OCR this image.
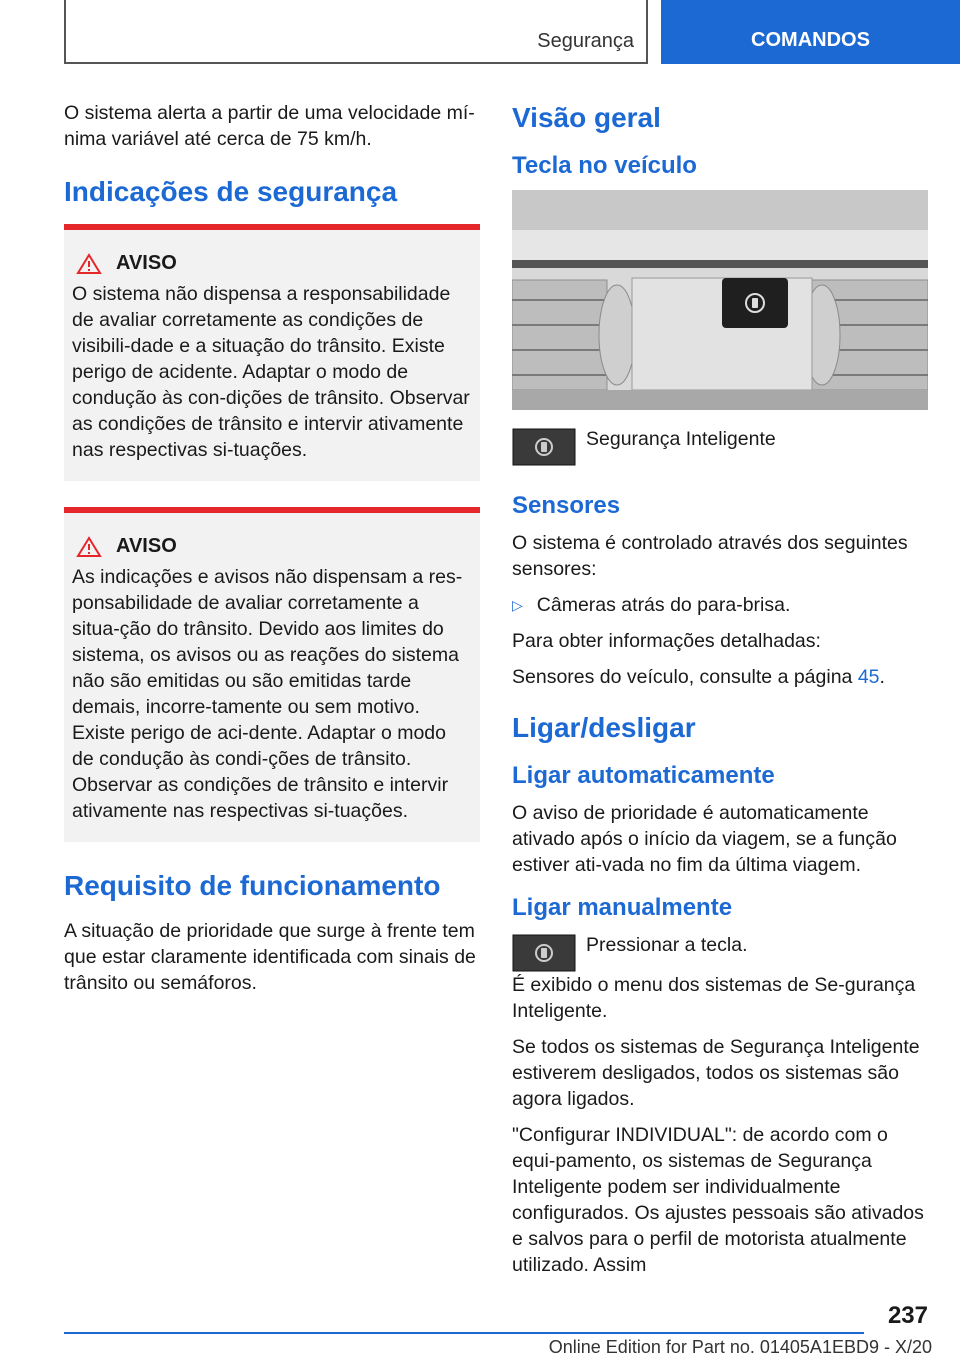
Segurança	COMANDOS

O sistema alerta a partir de uma velocidade mí-nima variável até cerca de 75 km/h.

Indicações de segurança
AVISO

O sistema não dispensa a responsabilidade de avaliar corretamente as condições de visibili-dade e a situação do trânsito. Existe perigo de acidente. Adaptar o modo de condução às con-dições de trânsito. Observar as condições de trânsito e intervir ativamente nas respectivas si-tuações.

AVISO

As indicações e avisos não dispensam a res-ponsabilidade de avaliar corretamente a situa-ção do trânsito. Devido aos limites do sistema, os avisos ou as reações do sistema não são emitidas ou são emitidas tarde demais, incorre-tamente ou sem motivo. Existe perigo de aci-dente. Adaptar o modo de condução às condi-ções de trânsito. Observar as condições de trânsito e intervir ativamente nas respectivas si-tuações.

Requisito de funcionamento

A situação de prioridade que surge à frente tem que estar claramente identificada com sinais de trânsito ou semáforos.

Visão geral
Tecla no veículo

Segurança Inteligente

Sensores

O sistema é controlado através dos seguintes sensores:

▷ Câmeras atrás do para-brisa.

Para obter informações detalhadas:

Sensores do veículo, consulte a página 45.

Ligar/desligar
Ligar automaticamente

O aviso de prioridade é automaticamente ativado após o início da viagem, se a função estiver ati-vada no fim da última viagem.

Ligar manualmente

Pressionar a tecla.

É exibido o menu dos sistemas de Se-gurança Inteligente.

Se todos os sistemas de Segurança Inteligente estiverem desligados, todos os sistemas são agora ligados.

"Configurar INDIVIDUAL": de acordo com o equi-pamento, os sistemas de Segurança Inteligente podem ser individualmente configurados. Os ajustes pessoais são ativados e salvos para o perfil de motorista atualmente utilizado. Assim

237
Online Edition for Part no. 01405A1EBD9 - X/20
